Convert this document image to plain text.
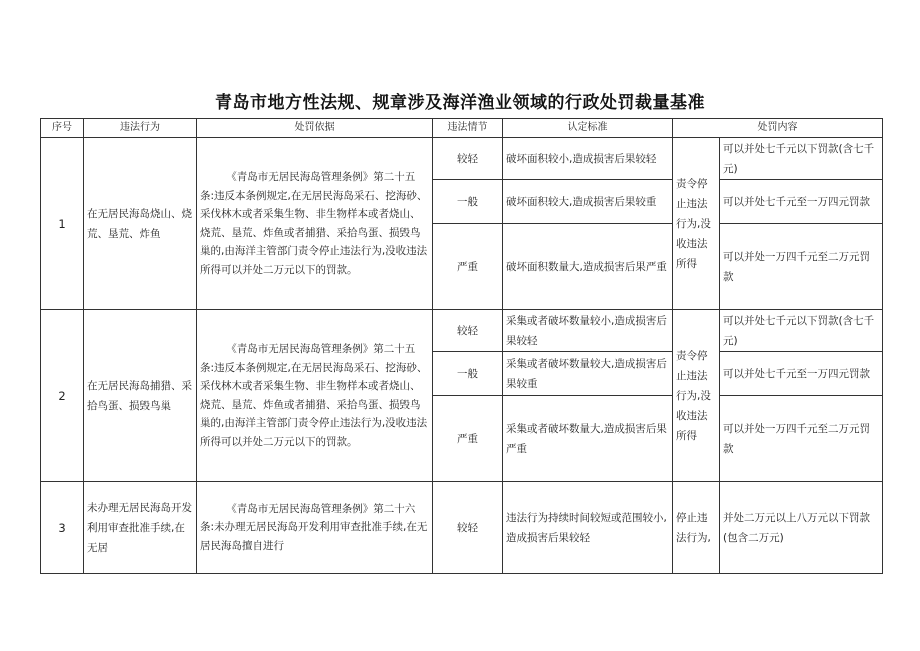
青岛市地方性法规、规章涉及海洋渔业领域的行政处罚裁量基准
序号	违法行为	处罚依据	违法情节	认定标准	处罚内容	
1	在无居民海岛烧山、烧荒、垦荒、炸鱼	《青岛市无居民海岛管理条例》第二十五条:违反本条例规定,在无居民海岛采石、挖海砂、采伐林木或者采集生物、非生物样本或者烧山、烧荒、垦荒、炸鱼或者捕猎、采拾鸟蛋、损毁鸟巢的,由海洋主管部门责令停止违法行为,没收违法所得可以并处二万元以下的罚款。	较轻	破坏面积较小,造成损害后果较轻	责令停止违法行为,没收违法所得	可以并处七千元以下罚款(含七千元)
			一般	破坏面积较大,造成损害后果较重		可以并处七千元至一万四元罚款
			严重	破坏面积数量大,造成损害后果严重		可以并处一万四千元至二万元罚款
2	在无居民海岛捕猎、采拾鸟蛋、损毁鸟巢	《青岛市无居民海岛管理条例》第二十五条:违反本条例规定,在无居民海岛采石、挖海砂、采伐林木或者采集生物、非生物样本或者烧山、烧荒、垦荒、炸鱼或者捕猎、采拾鸟蛋、损毁鸟巢的,由海洋主管部门责令停止违法行为,没收违法所得可以并处二万元以下的罚款。	较轻	采集或者破坏数量较小,造成损害后果较轻	责令停止违法行为,没收违法所得	可以并处七千元以下罚款(含七千元)
			一般	采集或者破坏数量较大,造成损害后果较重		可以并处七千元至一万四元罚款
			严重	采集或者破坏数量大,造成损害后果严重		可以并处一万四千元至二万元罚款
3	未办理无居民海岛开发利用审查批准手续,在无居	《青岛市无居民海岛管理条例》第二十六条:未办理无居民海岛开发利用审查批准手续,在无居民海岛擅自进行	较轻	违法行为持续时间较短或范围较小,造成损害后果较轻	停止违法行为,	并处二万元以上八万元以下罚款(包含二万元)
